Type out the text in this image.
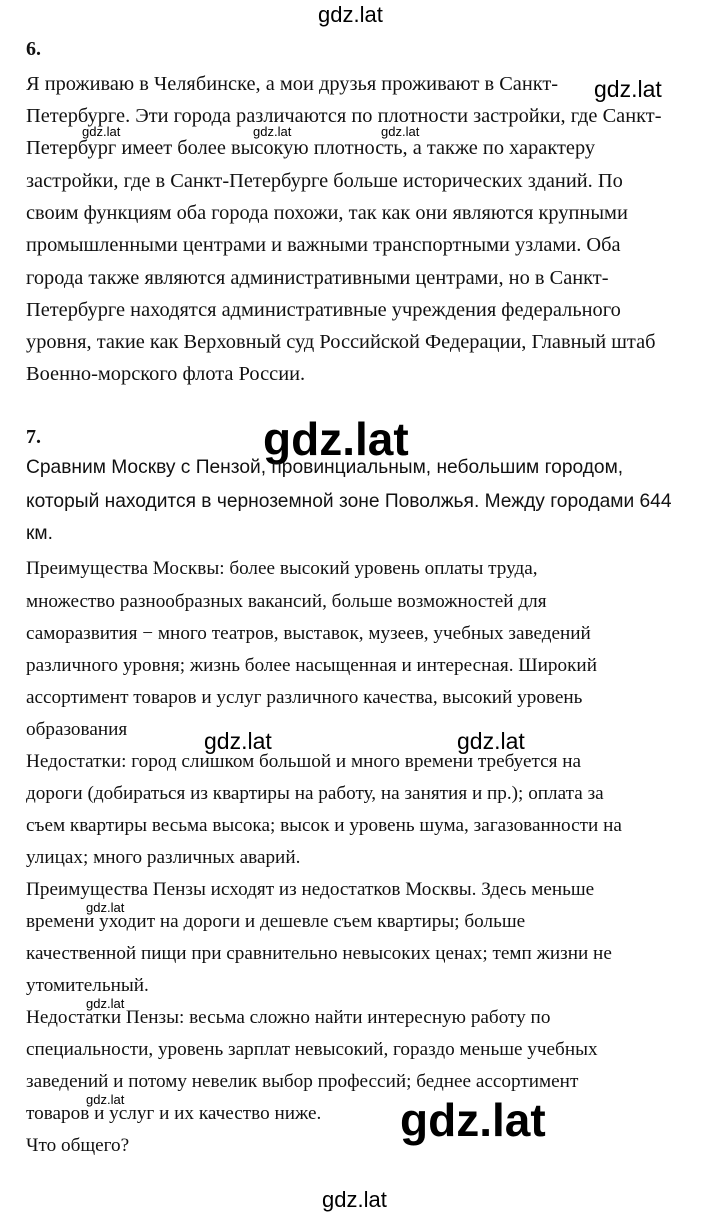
gdz.lat
gdz.lat
gdz.lat	gdz.lat	gdz.lat
gdz.lat
gdz.lat	gdz.lat
gdz.lat
gdz.lat
gdz.lat	gdz.lat
gdz.lat
6.
Я проживаю в Челябинске, а мои друзья проживают в Санкт-
Петербурге. Эти города различаются по плотности застройки, где Санкт-
Петербург имеет более высокую плотность, а также по характеру
застройки, где в Санкт-Петербурге больше исторических зданий. По
своим функциям оба города похожи, так как они являются крупными
промышленными центрами и важными транспортными узлами. Оба
города также являются административными центрами, но в Санкт-
Петербурге находятся административные учреждения федерального
уровня, такие как Верховный суд Российской Федерации, Главный штаб
Военно-морского флота России.
7.
Сравним Москву с Пензой, провинциальным, небольшим городом,
который находится в черноземной зоне Поволжья. Между городами 644
км.
Преимущества Москвы: более высокий уровень оплаты труда,
множество разнообразных вакансий, больше возможностей для
саморазвития − много театров, выставок, музеев, учебных заведений
различного уровня; жизнь более насыщенная и интересная. Широкий
ассортимент товаров и услуг различного качества, высокий уровень
образования
Недостатки: город слишком большой и много времени требуется на
дороги (добираться из квартиры на работу, на занятия и пр.); оплата за
съем квартиры весьма высока; высок и уровень шума, загазованности на
улицах; много различных аварий.
Преимущества Пензы исходят из недостатков Москвы. Здесь меньше
времени уходит на дороги и дешевле съем квартиры; больше
качественной пищи при сравнительно невысоких ценах; темп жизни не
утомительный.
Недостатки Пензы: весьма сложно найти интересную работу по
специальности, уровень зарплат невысокий, гораздо меньше учебных
заведений и потому невелик выбор профессий; беднее ассортимент
товаров и услуг и их качество ниже.
Что общего?
